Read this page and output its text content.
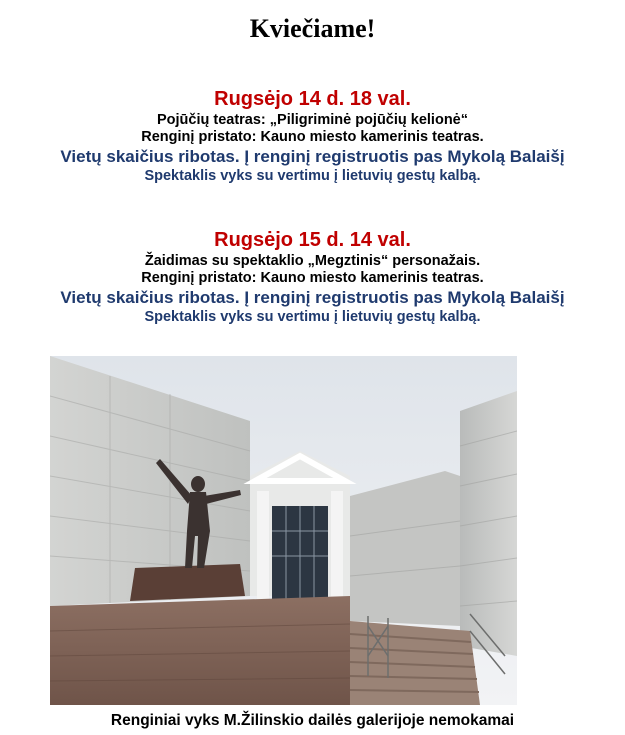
Kviečiame!
Rugsėjo 14 d. 18 val.
Pojūčių teatras: „Piligriminė pojūčių kelionė“
Renginį pristato: Kauno miesto kamerinis teatras.
Vietų skaičius ribotas. Į renginį registruotis pas Mykolą Balaišį
Spektaklis vyks su vertimu į lietuvių gestų kalbą.
Rugsėjo 15 d. 14 val.
Žaidimas su spektaklio „Megztinis“ personažais.
Renginį pristato: Kauno miesto kamerinis teatras.
Vietų skaičius ribotas. Į renginį registruotis pas Mykolą Balaišį
Spektaklis vyks su vertimu į lietuvių gestų kalbą.
Renginiai vyks M.Žilinskio dailės galerijoje nemokamai
